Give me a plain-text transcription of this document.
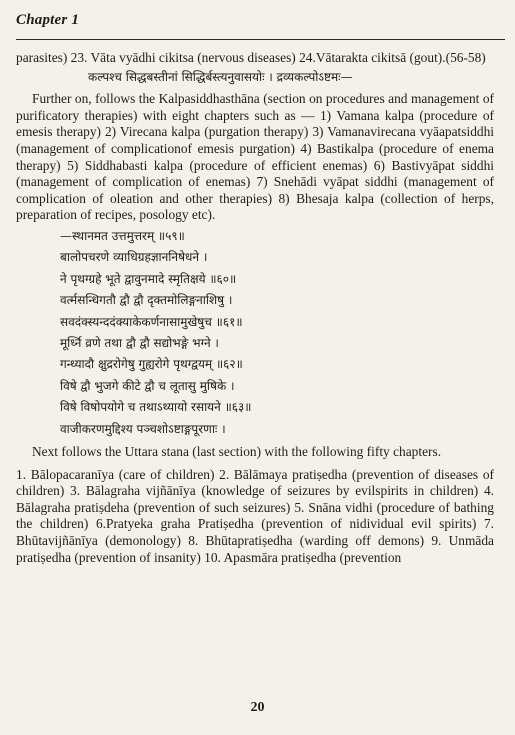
Chapter 1

parasites) 23. Vāta vyādhi cikitsa (nervous diseases) 24.Vātarakta cikitsā (gout).(56-58)

कल्पश्च सिद्धबस्तीनां सिद्धिर्बस्त्यनुवासयोः । द्रव्यकल्पोऽष्टमः—

Further on, follows the Kalpasiddhasthāna (section on procedures and management of purificatory therapies) with eight chapters such as — 1) Vamana kalpa (procedure of emesis therapy) 2) Virecana kalpa (purgation therapy) 3) Vamanavirecana vyāapatsiddhi (management of complicationof emesis purgation) 4) Bastikalpa (procedure of enema therapy) 5) Siddhabasti kalpa (procedure of efficient enemas) 6) Bastivyāpat siddhi (management of complication of enemas) 7) Snehādi vyāpat siddhi (management of complication of oleation and other therapies) 8) Bhesaja kalpa (collection of herps, preparation of recipes, posology etc).

—स्थानमत उत्तमुत्तरम् ॥५९॥
बालोपचरणे व्याधिग्रहज्ञाननिषेधने ।
ने पृथग्ग्रहे भूते द्वावुनमादे स्मृतिक्षये ॥६०॥
वर्त्मसन्धिगतौ द्वौ द्वौ दृक्तमोलिङ्गनाशिषु ।
सवदंक्स्यन्ददंक्याकेकर्णनासामुखेषुच ॥६१॥
मूर्ध्नि व्रणे तथा द्वौ द्वौ सद्योभङ्गे भग्ने ।
गन्ध्यादौ क्षुद्ररोगेषु गुह्यरोगे पृथग्द्वयम् ॥६२॥
विषे द्वौ भुजगे कीटे द्वौ च लूतासु मुषिके ।
विषे विषोपयोगे च तथाऽथ्यायो रसायने ॥६३॥
वाजीकरणमुद्दिश्य पञ्चशोऽष्टाङ्गपूरणाः ।

Next follows the Uttara stana (last section) with the following fifty chapters.

1. Bālopacaranīya (care of children) 2. Bālāmaya pratiṣedha (prevention of diseases of children) 3. Bālagraha vijñānīya (knowledge of seizures by evilspirits in children) 4. Bālagraha pratiṣdeha (prevention of such seizures) 5. Snāna vidhi (procedure of bathing the children) 6.Pratyeka graha Pratiṣedha (prevention of nidividual evil spirits) 7. Bhūtavijñānīya (demonology) 8. Bhūtapratiṣedha (warding off demons) 9. Unmāda pratiṣedha (prevention of insanity) 10. Apasmāra pratiṣedha (prevention

20
